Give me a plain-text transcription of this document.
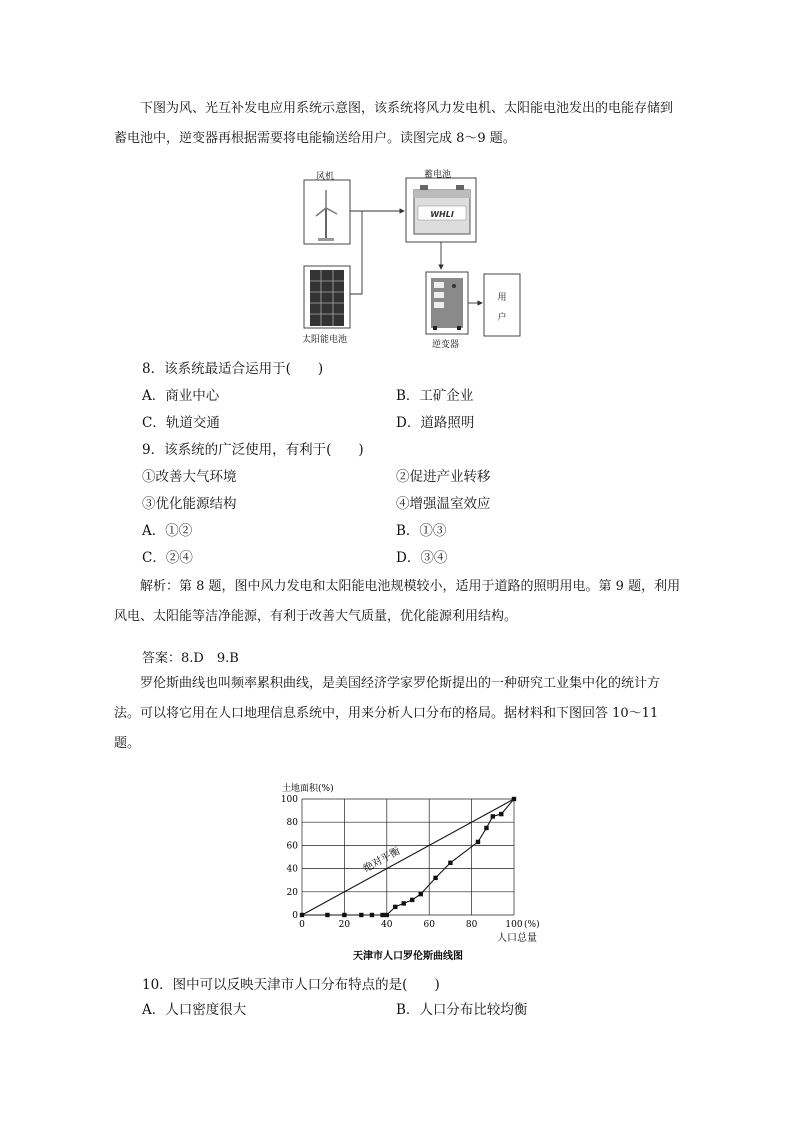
下图为风、光互补发电应用系统示意图，该系统将风力发电机、太阳能电池发出的电能存储到蓄电池中，逆变器再根据需要将电能输送给用户。读图完成 8～9 题。
WHLI
风机	蓄电池
太阳能电池	逆变器
用户
8．该系统最适合运用于(　　)
A．商业中心	B．工矿企业
C．轨道交通	D．道路照明
9．该系统的广泛使用，有利于(　　)
①改善大气环境	②促进产业转移
③优化能源结构	④增强温室效应
A．①②	B．①③
C．②④	D．③④
解析：第 8 题，图中风力发电和太阳能电池规模较小，适用于道路的照明用电。第 9 题，利用风电、太阳能等洁净能源，有利于改善大气质量，优化能源利用结构。
答案：8.D　9.B
罗伦斯曲线也叫频率累积曲线，是美国经济学家罗伦斯提出的一种研究工业集中化的统计方法。可以将它用在人口地理信息系统中，用来分析人口分布的格局。据材料和下图回答 10～11 题。
0	20	40	60	80	100
0
20
40
60
80
100
土地面积(%)
(%)
人口总量
天津市人口罗伦斯曲线图
绝对平衡
10．图中可以反映天津市人口分布特点的是(　　)
A．人口密度很大	B．人口分布比较均衡
